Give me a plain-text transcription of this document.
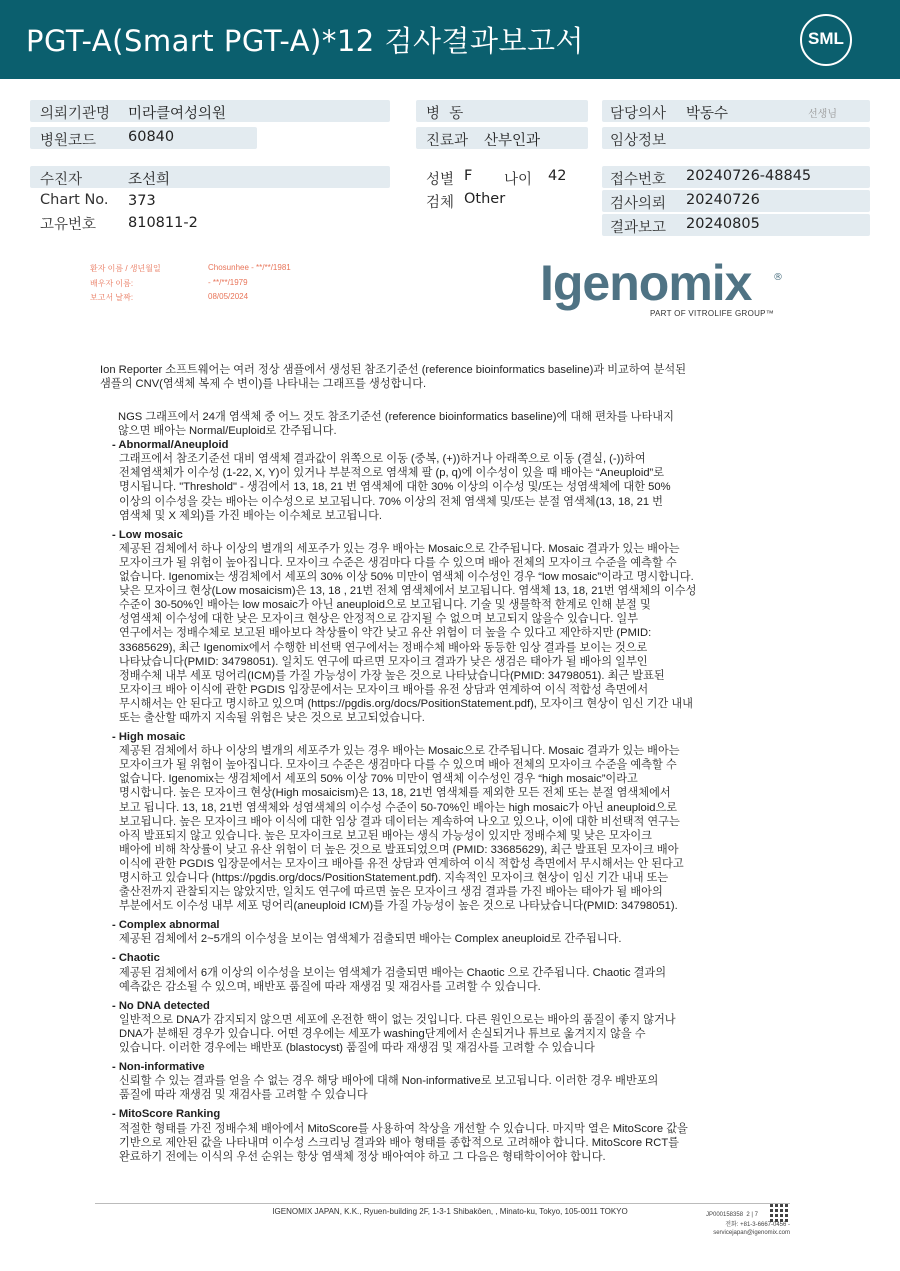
PGT-A(Smart PGT-A)*12 검사결과보고서	SML
의뢰기관명 미라클여성의원
병원코드 60840
병  동
진료과 산부인과
담당의사 박동수	선생님
임상정보
수진자	조선희
Chart No. 373
고유번호 810811-2
성별 F 나이 42
검체 Other
접수번호 20240726-48845
검사의뢰 20240726
결과보고 20240805
환자 이름 / 생년월일	Chosunhee - **/**/1981
배우자 이름:	- **/**/1979
보고서 날짜:	08/05/2024	Igenomix ®
PART OF VITROLIFE GROUP™
Ion Reporter 소프트웨어는 여러 정상 샘플에서 생성된 참조기준선 (reference bioinformatics baseline)과 비교하여 분석된
샘플의 CNV(염색체 복제 수 변이)를 나타내는 그래프를 생성합니다.
NGS 그래프에서 24개 염색체 중 어느 것도 참조기준선 (reference bioinformatics baseline)에 대해 편차를 나타내지
않으면 배아는 Normal/Euploid로 간주됩니다.
- Abnormal/Aneuploid
그래프에서 참조기준선 대비 염색체 결과값이 위쪽으로 이동 (중복, (+))하거나 아래쪽으로 이동 (결실, (-))하여
전체염색체가 이수성 (1-22, X, Y)이 있거나 부분적으로 염색체 팔 (p, q)에 이수성이 있을 때 배아는 “Aneuploid”로
명시됩니다. "Threshold" - 생검에서 13, 18, 21 번 염색체에 대한 30% 이상의 이수성 및/또는 성염색체에 대한 50%
이상의 이수성을 갖는 배아는 이수성으로 보고됩니다. 70% 이상의 전체 염색체 및/또는 분절 염색체(13, 18, 21 번
염색체 및 X 제외)를 가진 배아는 이수체로 보고됩니다.
- Low mosaic
제공된 검체에서 하나 이상의 별개의 세포주가 있는 경우 배아는 Mosaic으로 간주됩니다. Mosaic 결과가 있는 배아는
모자이크가 될 위험이 높아집니다. 모자이크 수준은 생검마다 다를 수 있으며 배아 전체의 모자이크 수준을 예측할 수
없습니다. Igenomix는 생검체에서 세포의 30% 이상 50% 미만이 염색체 이수성인 경우 “low mosaic”이라고 명시합니다.
낮은 모자이크 현상(Low mosaicism)은 13, 18 , 21번 전체 염색체에서 보고됩니다. 염색체 13, 18, 21번 염색체의 이수성
수준이 30-50%인 배아는 low mosaic가 아닌 aneuploid으로 보고됩니다. 기술 및 생물학적 한계로 인해 분절 및
성염색체 이수성에 대한 낮은 모자이크 현상은 안정적으로 감지될 수 없으며 보고되지 않을수 있습니다. 일부
연구에서는 정배수체로 보고된 배아보다 착상률이 약간 낮고 유산 위험이 더 높을 수 있다고 제안하지만 (PMID:
33685629), 최근 Igenomix에서 수행한 비선택 연구에서는 정배수체 배아와 동등한 임상 결과를 보이는 것으로
나타났습니다(PMID: 34798051). 일치도 연구에 따르면 모자이크 결과가 낮은 생검은 태아가 될 배아의 일부인
정배수체 내부 세포 덩어리(ICM)를 가질 가능성이 가장 높은 것으로 나타났습니다(PMID: 34798051). 최근 발표된
모자이크 배아 이식에 관한 PGDIS 입장문에서는 모자이크 배아를 유전 상담과 연계하여 이식 적합성 측면에서
무시해서는 안 된다고 명시하고 있으며 (https://pgdis.org/docs/PositionStatement.pdf), 모자이크 현상이 임신 기간 내내
또는 출산할 때까지 지속될 위험은 낮은 것으로 보고되었습니다.
- High mosaic
제공된 검체에서 하나 이상의 별개의 세포주가 있는 경우 배아는 Mosaic으로 간주됩니다. Mosaic 결과가 있는 배아는
모자이크가 될 위험이 높아집니다. 모자이크 수준은 생검마다 다를 수 있으며 배아 전체의 모자이크 수준을 예측할 수
없습니다. Igenomix는 생검체에서 세포의 50% 이상 70% 미만이 염색체 이수성인 경우 “high mosaic”이라고
명시합니다. 높은 모자이크 현상(High mosaicism)은 13, 18, 21번 염색체를 제외한 모든 전체 또는 분절 염색체에서
보고 됩니다. 13, 18, 21번 염색체와 성염색체의 이수성 수준이 50-70%인 배아는 high mosaic가 아닌 aneuploid으로
보고됩니다. 높은 모자이크 배아 이식에 대한 임상 결과 데이터는 계속하여 나오고 있으나, 이에 대한 비선택적 연구는
아직 발표되지 않고 있습니다. 높은 모자이크로 보고된 배아는 생식 가능성이 있지만 정배수체 및 낮은 모자이크
배아에 비해 착상률이 낮고 유산 위험이 더 높은 것으로 발표되었으며 (PMID: 33685629), 최근 발표된 모자이크 배아
이식에 관한 PGDIS 입장문에서는 모자이크 배아를 유전 상담과 연계하여 이식 적합성 측면에서 무시해서는 안 된다고
명시하고 있습니다 (https://pgdis.org/docs/PositionStatement.pdf). 지속적인 모자이크 현상이 임신 기간 내내 또는
출산전까지 관찰되지는 않았지만, 일치도 연구에 따르면 높은 모자이크 생검 결과를 가진 배아는 태아가 될 배아의
부분에서도 이수성 내부 세포 덩어리(aneuploid ICM)를 가질 가능성이 높은 것으로 나타났습니다(PMID: 34798051).
- Complex abnormal
제공된 검체에서 2~5개의 이수성을 보이는 염색체가 검출되면 배아는 Complex aneuploid로 간주됩니다.
- Chaotic
제공된 검체에서 6개 이상의 이수성을 보이는 염색체가 검출되면 배아는 Chaotic 으로 간주됩니다. Chaotic 결과의
예측값은 감소될 수 있으며, 배반포 품질에 따라 재생검 및 재검사를 고려할 수 있습니다.
- No DNA detected
일반적으로 DNA가 감지되지 않으면 세포에 온전한 핵이 없는 것입니다. 다른 원인으로는 배아의 품질이 좋지 않거나
DNA가 분해된 경우가 있습니다. 어떤 경우에는 세포가 washing단계에서 손실되거나 튜브로 옮겨지지 않을 수
있습니다. 이러한 경우에는 배반포 (blastocyst) 품질에 따라 재생검 및 재검사를 고려할 수 있습니다
- Non-informative
신뢰할 수 있는 결과를 얻을 수 없는 경우 해당 배아에 대해 Non-informative로 보고됩니다. 이러한 경우 배반포의
품질에 따라 재생검 및 재검사를 고려할 수 있습니다
- MitoScore Ranking
적절한 형태를 가진 정배수체 배아에서 MitoScore를 사용하여 착상을 개선할 수 있습니다. 마지막 열은 MitoScore 값을
기반으로 제안된 값을 나타내며 이수성 스크리닝 결과와 배아 형태를 종합적으로 고려해야 합니다. MitoScore RCT를
완료하기 전에는 이식의 우선 순위는 항상 염색체 정상 배아여야 하고 그 다음은 형태학이어야 합니다.
IGENOMIX JAPAN, K.K., Ryuen-building 2F, 1-3-1 Shibakōen, , Minato-ku, Tokyo, 105-0011 TOKYO	JP000158358 2 | 7
전화: +81-3-6667-0456 -
servicejapan@igenomix.com
